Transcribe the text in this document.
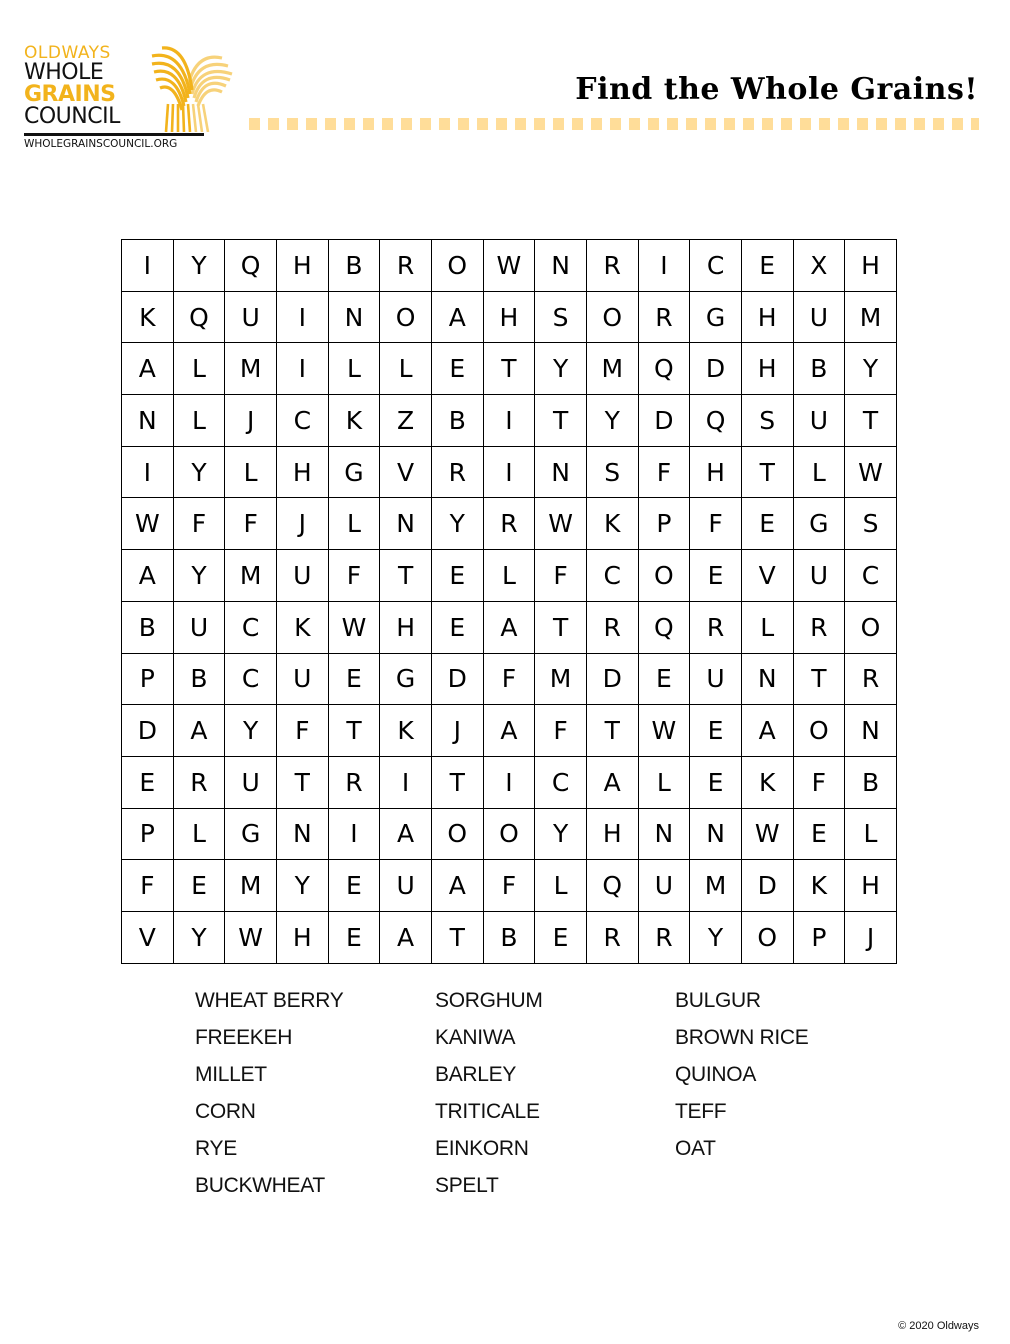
OLDWAYS
WHOLE
GRAINS
COUNCIL
WHOLEGRAINSCOUNCIL.ORG
Find the Whole Grains!
I	Y	Q	H	B	R	O	W	N	R	I	C	E	X	H
K	Q	U	I	N	O	A	H	S	O	R	G	H	U	M
A	L	M	I	L	L	E	T	Y	M	Q	D	H	B	Y
N	L	J	C	K	Z	B	I	T	Y	D	Q	S	U	T
I	Y	L	H	G	V	R	I	N	S	F	H	T	L	W
W	F	F	J	L	N	Y	R	W	K	P	F	E	G	S
A	Y	M	U	F	T	E	L	F	C	O	E	V	U	C
B	U	C	K	W	H	E	A	T	R	Q	R	L	R	O
P	B	C	U	E	G	D	F	M	D	E	U	N	T	R
D	A	Y	F	T	K	J	A	F	T	W	E	A	O	N
E	R	U	T	R	I	T	I	C	A	L	E	K	F	B
P	L	G	N	I	A	O	O	Y	H	N	N	W	E	L
F	E	M	Y	E	U	A	F	L	Q	U	M	D	K	H
V	Y	W	H	E	A	T	B	E	R	R	Y	O	P	J
WHEAT BERRY
FREEKEH
MILLET
CORN
RYE
BUCKWHEAT
SORGHUM
KANIWA
BARLEY
TRITICALE
EINKORN
SPELT
BULGUR
BROWN RICE
QUINOA
TEFF
OAT
© 2020 Oldways
